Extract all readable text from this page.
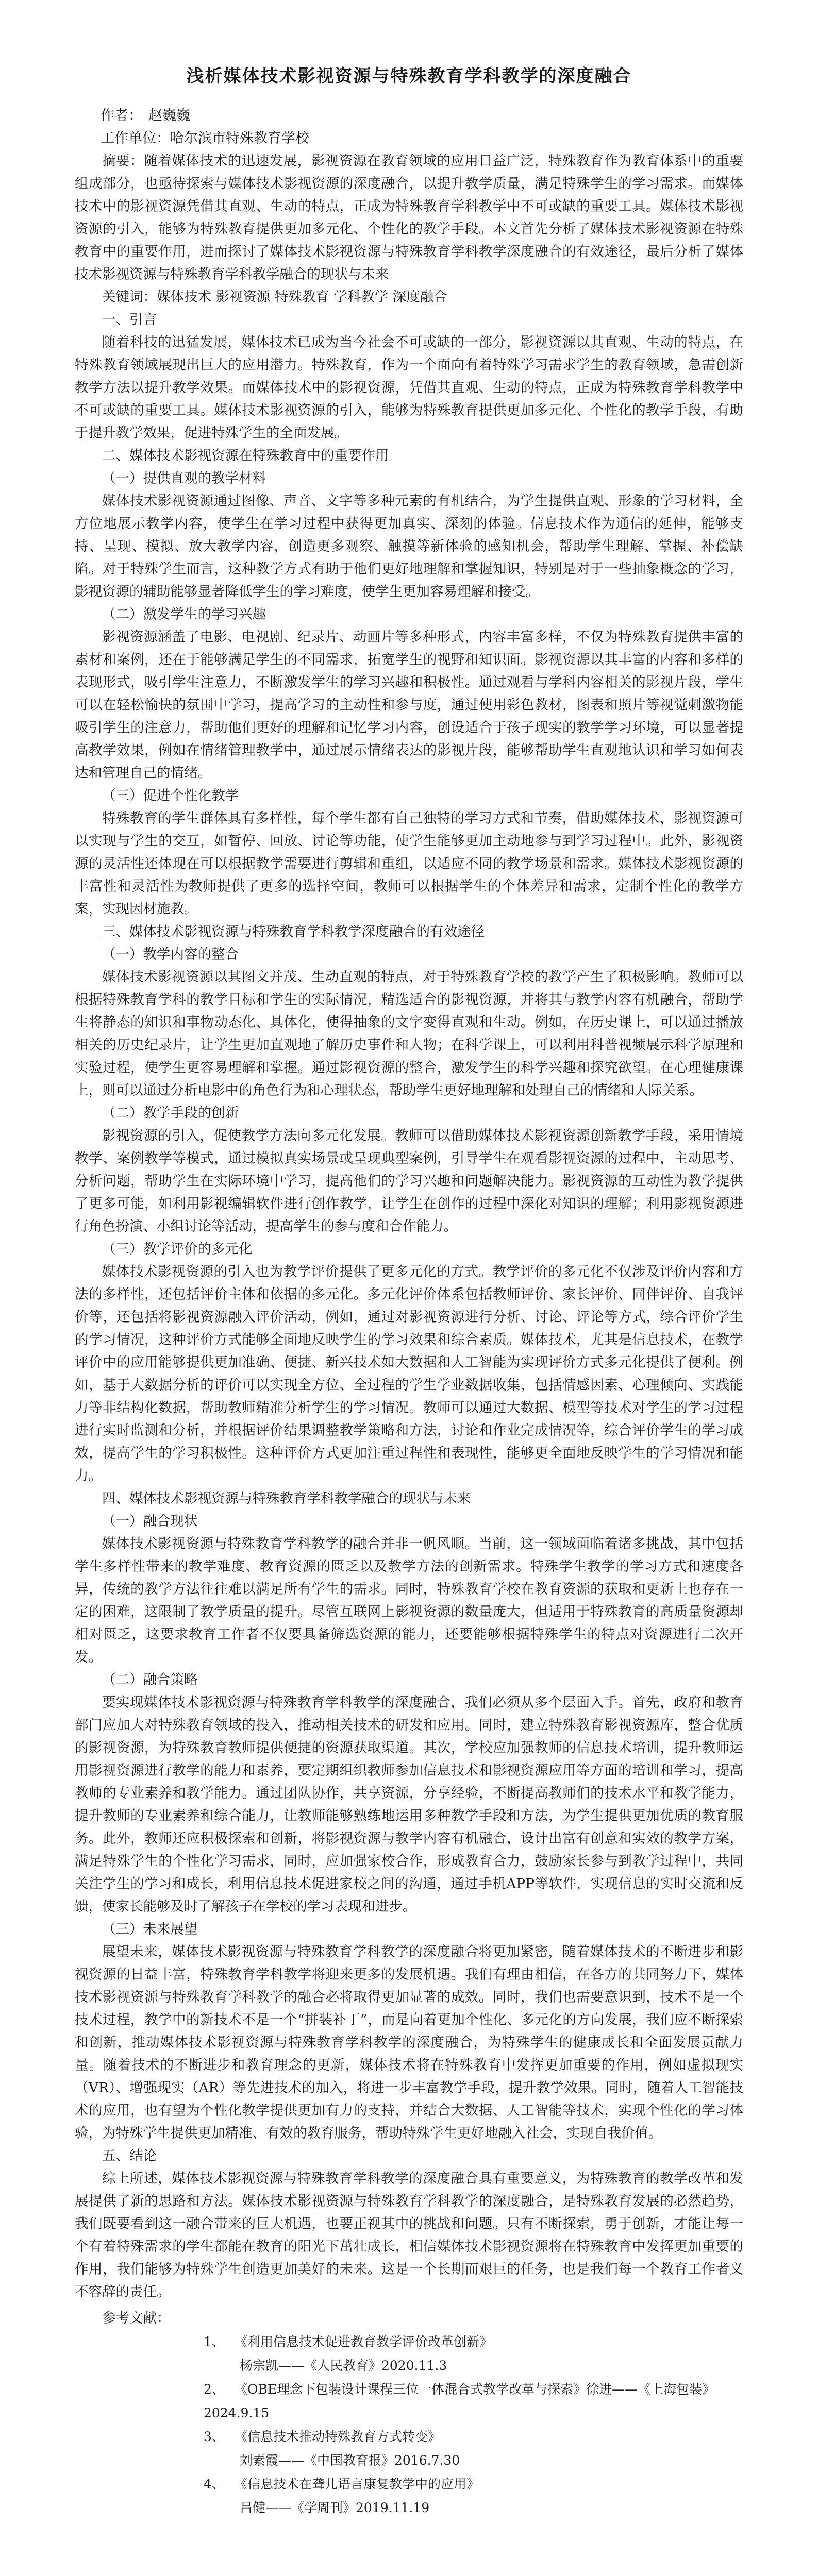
浅析媒体技术影视资源与特殊教育学科教学的深度融合
作者： 赵巍巍
工作单位：哈尔滨市特殊教育学校

摘要：随着媒体技术的迅速发展，影视资源在教育领域的应用日益广泛，特殊教育作为教育体系中的重要组成部分，也亟待探索与媒体技术影视资源的深度融合，以提升教学质量，满足特殊学生的学习需求。而媒体技术中的影视资源凭借其直观、生动的特点，正成为特殊教育学科教学中不可或缺的重要工具。媒体技术影视资源的引入，能够为特殊教育提供更加多元化、个性化的教学手段。本文首先分析了媒体技术影视资源在特殊教育中的重要作用，进而探讨了媒体技术影视资源与特殊教育学科教学深度融合的有效途径，最后分析了媒体技术影视资源与特殊教育学科教学融合的现状与未来

关键词：媒体技术 影视资源 特殊教育 学科教学 深度融合

一、引言

随着科技的迅猛发展，媒体技术已成为当今社会不可或缺的一部分，影视资源以其直观、生动的特点，在特殊教育领域展现出巨大的应用潜力。特殊教育，作为一个面向有着特殊学习需求学生的教育领域，急需创新教学方法以提升教学效果。而媒体技术中的影视资源，凭借其直观、生动的特点，正成为特殊教育学科教学中不可或缺的重要工具。媒体技术影视资源的引入，能够为特殊教育提供更加多元化、个性化的教学手段，有助于提升教学效果，促进特殊学生的全面发展。

二、媒体技术影视资源在特殊教育中的重要作用
（一）提供直观的教学材料

媒体技术影视资源通过图像、声音、文字等多种元素的有机结合，为学生提供直观、形象的学习材料，全方位地展示教学内容，使学生在学习过程中获得更加真实、深刻的体验。信息技术作为通信的延伸，能够支持、呈现、模拟、放大教学内容，创造更多观察、触摸等新体验的感知机会，帮助学生理解、掌握、补偿缺陷。对于特殊学生而言，这种教学方式有助于他们更好地理解和掌握知识，特别是对于一些抽象概念的学习，影视资源的辅助能够显著降低学生的学习难度，使学生更加容易理解和接受。

（二）激发学生的学习兴趣

影视资源涵盖了电影、电视剧、纪录片、动画片等多种形式，内容丰富多样，不仅为特殊教育提供丰富的素材和案例，还在于能够满足学生的不同需求，拓宽学生的视野和知识面。影视资源以其丰富的内容和多样的表现形式，吸引学生注意力，不断激发学生的学习兴趣和积极性。通过观看与学科内容相关的影视片段，学生可以在轻松愉快的氛围中学习，提高学习的主动性和参与度，通过使用彩色教材，图表和照片等视觉刺激物能吸引学生的注意力，帮助他们更好的理解和记忆学习内容，创设适合于孩子现实的教学学习环境，可以显著提高教学效果，例如在情绪管理教学中，通过展示情绪表达的影视片段，能够帮助学生直观地认识和学习如何表达和管理自己的情绪。

（三）促进个性化教学

特殊教育的学生群体具有多样性，每个学生都有自己独特的学习方式和节奏，借助媒体技术，影视资源可以实现与学生的交互，如暂停、回放、讨论等功能，使学生能够更加主动地参与到学习过程中。此外，影视资源的灵活性还体现在可以根据教学需要进行剪辑和重组，以适应不同的教学场景和需求。媒体技术影视资源的丰富性和灵活性为教师提供了更多的选择空间，教师可以根据学生的个体差异和需求，定制个性化的教学方案，实现因材施教。

三、媒体技术影视资源与特殊教育学科教学深度融合的有效途径
（一）教学内容的整合

媒体技术影视资源以其图文并茂、生动直观的特点，对于特殊教育学校的教学产生了积极影响。教师可以根据特殊教育学科的教学目标和学生的实际情况，精选适合的影视资源，并将其与教学内容有机融合，帮助学生将静态的知识和事物动态化、具体化，使得抽象的文字变得直观和生动。例如，在历史课上，可以通过播放相关的历史纪录片，让学生更加直观地了解历史事件和人物；在科学课上，可以利用科普视频展示科学原理和实验过程，使学生更容易理解和掌握。通过影视资源的整合，激发学生的科学兴趣和探究欲望。在心理健康课上，则可以通过分析电影中的角色行为和心理状态，帮助学生更好地理解和处理自己的情绪和人际关系。

（二）教学手段的创新

影视资源的引入，促使教学方法向多元化发展。教师可以借助媒体技术影视资源创新教学手段，采用情境教学、案例教学等模式，通过模拟真实场景或呈现典型案例，引导学生在观看影视资源的过程中，主动思考、分析问题，帮助学生在实际环境中学习，提高他们的学习兴趣和问题解决能力。影视资源的互动性为教学提供了更多可能，如利用影视编辑软件进行创作教学，让学生在创作的过程中深化对知识的理解；利用影视资源进行角色扮演、小组讨论等活动，提高学生的参与度和合作能力。

（三）教学评价的多元化

媒体技术影视资源的引入也为教学评价提供了更多元化的方式。教学评价的多元化不仅涉及评价内容和方法的多样性，还包括评价主体和依据的多元化。多元化评价体系包括教师评价、家长评价、同伴评价、自我评价等，还包括将影视资源融入评价活动，例如，通过对影视资源进行分析、讨论、评论等方式，综合评价学生的学习情况，这种评价方式能够全面地反映学生的学习效果和综合素质。媒体技术，尤其是信息技术，在教学评价中的应用能够提供更加准确、便捷、新兴技术如大数据和人工智能为实现评价方式多元化提供了便利。例如，基于大数据分析的评价可以实现全方位、全过程的学生学业数据收集，包括情感因素、心理倾向、实践能力等非结构化数据，帮助教师精准分析学生的学习情况。教师可以通过大数据、模型等技术对学生的学习过程进行实时监测和分析，并根据评价结果调整教学策略和方法，讨论和作业完成情况等，综合评价学生的学习成效，提高学生的学习积极性。这种评价方式更加注重过程性和表现性，能够更全面地反映学生的学习情况和能力。

四、媒体技术影视资源与特殊教育学科教学融合的现状与未来
（一）融合现状

媒体技术影视资源与特殊教育学科教学的融合并非一帆风顺。当前，这一领域面临着诸多挑战，其中包括学生多样性带来的教学难度、教育资源的匮乏以及教学方法的创新需求。特殊学生教学的学习方式和速度各异，传统的教学方法往往难以满足所有学生的需求。同时，特殊教育学校在教育资源的获取和更新上也存在一定的困难，这限制了教学质量的提升。尽管互联网上影视资源的数量庞大，但适用于特殊教育的高质量资源却相对匮乏，这要求教育工作者不仅要具备筛选资源的能力，还要能够根据特殊学生的特点对资源进行二次开发。

（二）融合策略

要实现媒体技术影视资源与特殊教育学科教学的深度融合，我们必须从多个层面入手。首先，政府和教育部门应加大对特殊教育领域的投入，推动相关技术的研发和应用。同时，建立特殊教育影视资源库，整合优质的影视资源，为特殊教育教师提供便捷的资源获取渠道。其次，学校应加强教师的信息技术培训，提升教师运用影视资源进行教学的能力和素养，要定期组织教师参加信息技术和影视资源应用等方面的培训和学习，提高教师的专业素养和教学能力。通过团队协作，共享资源，分享经验，不断提高教师们的技术水平和教学能力，提升教师的专业素养和综合能力，让教师能够熟练地运用多种教学手段和方法，为学生提供更加优质的教育服务。此外，教师还应积极探索和创新，将影视资源与教学内容有机融合，设计出富有创意和实效的教学方案，满足特殊学生的个性化学习需求，同时，应加强家校合作，形成教育合力，鼓励家长参与到教学过程中，共同关注学生的学习和成长，利用信息技术促进家校之间的沟通，通过手机APP等软件，实现信息的实时交流和反馈，使家长能够及时了解孩子在学校的学习表现和进步。

（三）未来展望

展望未来，媒体技术影视资源与特殊教育学科教学的深度融合将更加紧密，随着媒体技术的不断进步和影视资源的日益丰富，特殊教育学科教学将迎来更多的发展机遇。我们有理由相信，在各方的共同努力下，媒体技术影视资源与特殊教育学科教学的融合必将取得更加显著的成效。同时，我们也需要意识到，技术不是一个技术过程，教学中的新技术不是一个“拼装补丁”，而是向着更加个性化、多元化的方向发展，我们应不断探索和创新，推动媒体技术影视资源与特殊教育学科教学的深度融合，为特殊学生的健康成长和全面发展贡献力量。随着技术的不断进步和教育理念的更新，媒体技术将在特殊教育中发挥更加重要的作用，例如虚拟现实（VR）、增强现实（AR）等先进技术的加入，将进一步丰富教学手段，提升教学效果。同时，随着人工智能技术的应用，也有望为个性化教学提供更加有力的支持，并结合大数据、人工智能等技术，实现个性化的学习体验，为特殊学生提供更加精准、有效的教育服务，帮助特殊学生更好地融入社会，实现自我价值。

五、结论

综上所述，媒体技术影视资源与特殊教育学科教学的深度融合具有重要意义，为特殊教育的教学改革和发展提供了新的思路和方法。媒体技术影视资源与特殊教育学科教学的深度融合，是特殊教育发展的必然趋势，我们既要看到这一融合带来的巨大机遇，也要正视其中的挑战和问题。只有不断探索，勇于创新，才能让每一个有着特殊需求的学生都能在教育的阳光下茁壮成长，相信媒体技术影视资源将在特殊教育中发挥更加重要的作用，我们能够为特殊学生创造更加美好的未来。这是一个长期而艰巨的任务，也是我们每一个教育工作者义不容辞的责任。

参考文献：
1、 《利用信息技术促进教育教学评价改革创新》
杨宗凯——《人民教育》2020.11.3
2、 《OBE理念下包装设计课程三位一体混合式教学改革与探索》徐进——《上海包装》2024.9.15
3、 《信息技术推动特殊教育方式转变》
刘素霞——《中国教育报》2016.7.30
4、 《信息技术在聋儿语言康复教学中的应用》
吕健——《学周刊》2019.11.19
